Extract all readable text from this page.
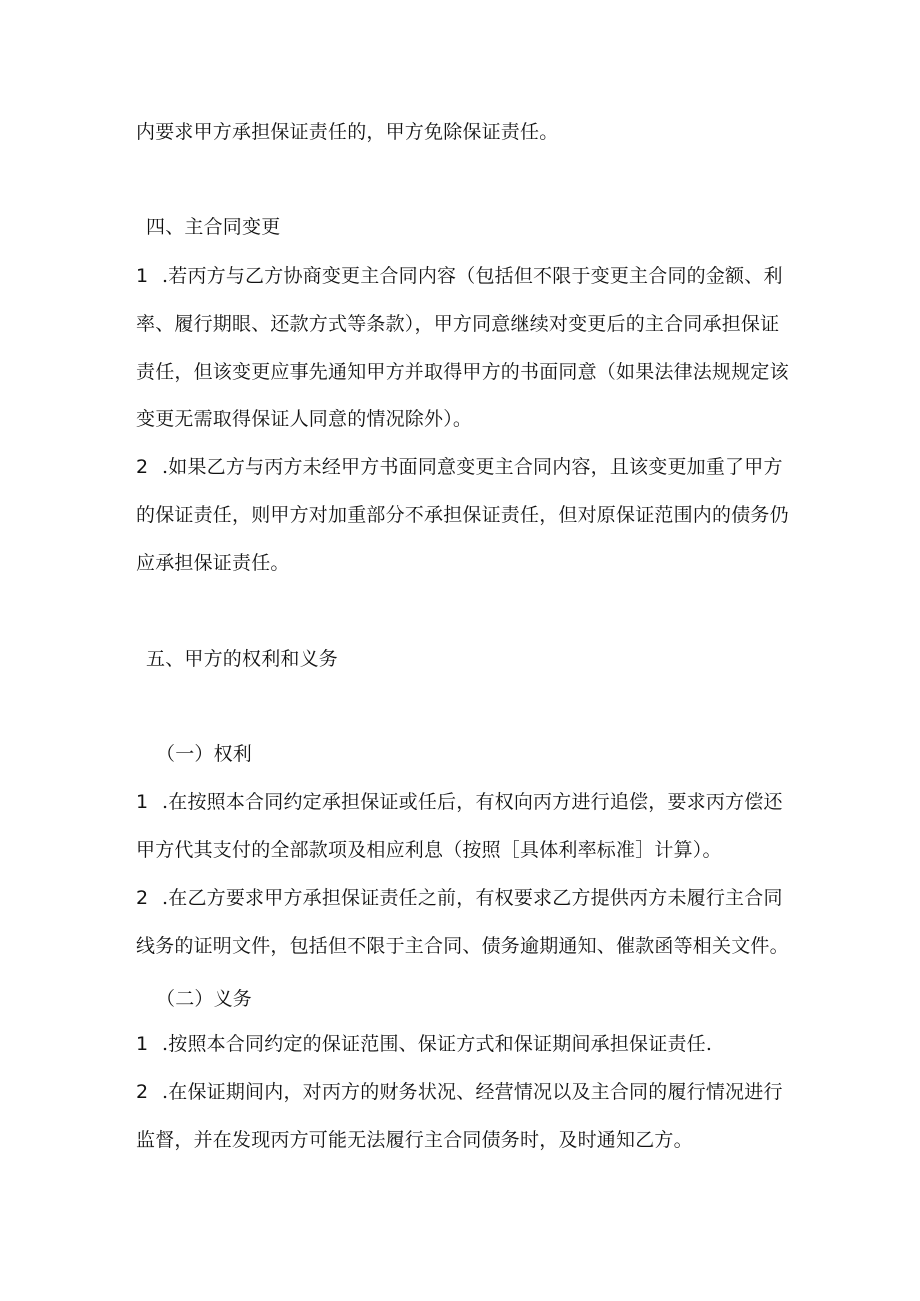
内要求甲方承担保证责任的，甲方免除保证责任。
四、主合同变更
1 .若丙方与乙方协商变更主合同内容（包括但不限于变更主合同的金额、利
率、履行期眼、还款方式等条款），甲方同意继续对变更后的主合同承担保证
责任，但该变更应事先通知甲方并取得甲方的书面同意（如果法律法规规定该
变更无需取得保证人同意的情况除外）。
2 .如果乙方与丙方未经甲方书面同意变更主合同内容，且该变更加重了甲方
的保证责任，则甲方对加重部分不承担保证责任，但对原保证范围内的债务仍
应承担保证责任。
五、甲方的权利和义务
（一）权利
1 .在按照本合同约定承担保证或任后，有权向丙方进行追偿，要求丙方偿还
甲方代其支付的全部款项及相应利息（按照［具体利率标准］计算）。
2 .在乙方要求甲方承担保证责任之前，有权要求乙方提供丙方未履行主合同
线务的证明文件，包括但不限于主合同、债务逾期通知、催款函等相关文件。
（二）义务
1 .按照本合同约定的保证范围、保证方式和保证期间承担保证责任.
2 .在保证期间内，对丙方的财务状况、经营情况以及主合同的履行情况进行
监督，并在发现丙方可能无法履行主合同债务时，及时通知乙方。
